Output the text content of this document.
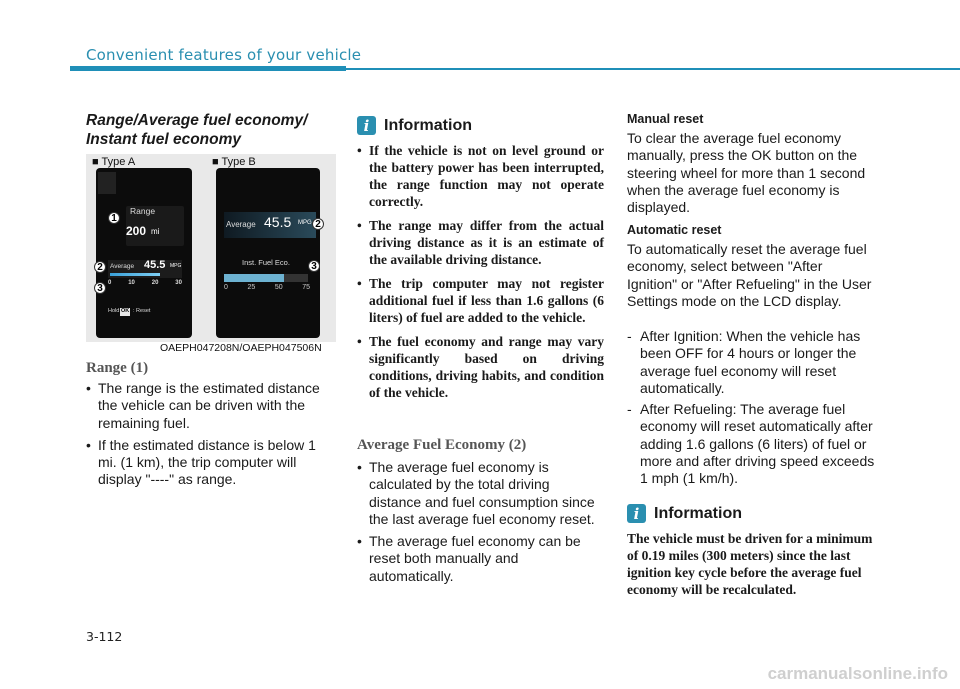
Convenient features of your vehicle
Range/Average fuel economy/ Instant fuel economy
■ Type A	■ Type B
Range
200 mi
Average 45.5 MPG
0	10	20	30
Hold OK : Reset
Average 45.5 MPG
Inst. Fuel Eco.
0	25	50	75
1
2
3
2
3
OAEPH047208N/OAEPH047506N
Range (1)
• The range is the estimated distance the vehicle can be driven with the remaining fuel.
• If the estimated distance is below 1 mi. (1 km), the trip computer will display "----" as range.
i Information
• If the vehicle is not on level ground or the battery power has been interrupted, the range function may not operate correctly.
• The range may differ from the actual driving distance as it is an estimate of the available driving distance.
• The trip computer may not register additional fuel if less than 1.6 gallons (6 liters) of fuel are added to the vehicle.
• The fuel economy and range may vary significantly based on driving conditions, driving habits, and condition of the vehicle.
Average Fuel Economy (2)
• The average fuel economy is calculated by the total driving distance and fuel consumption since the last average fuel economy reset.
• The average fuel economy can be reset both manually and automatically.
Manual reset
To clear the average fuel economy manually, press the OK button on the steering wheel for more than 1 second when the average fuel economy is displayed.
Automatic reset
To automatically reset the average fuel economy, select between "After Ignition" or "After Refueling" in the User Settings mode on the LCD display.
- After Ignition: When the vehicle has been OFF for 4 hours or longer the average fuel economy will reset automatically.
- After Refueling: The average fuel economy will reset automatically after adding 1.6 gallons (6 liters) of fuel or more and after driving speed exceeds 1 mph (1 km/h).
i Information
The vehicle must be driven for a minimum of 0.19 miles (300 meters) since the last ignition key cycle before the average fuel economy will be recalculated.
3-112
carmanualsonline.info
